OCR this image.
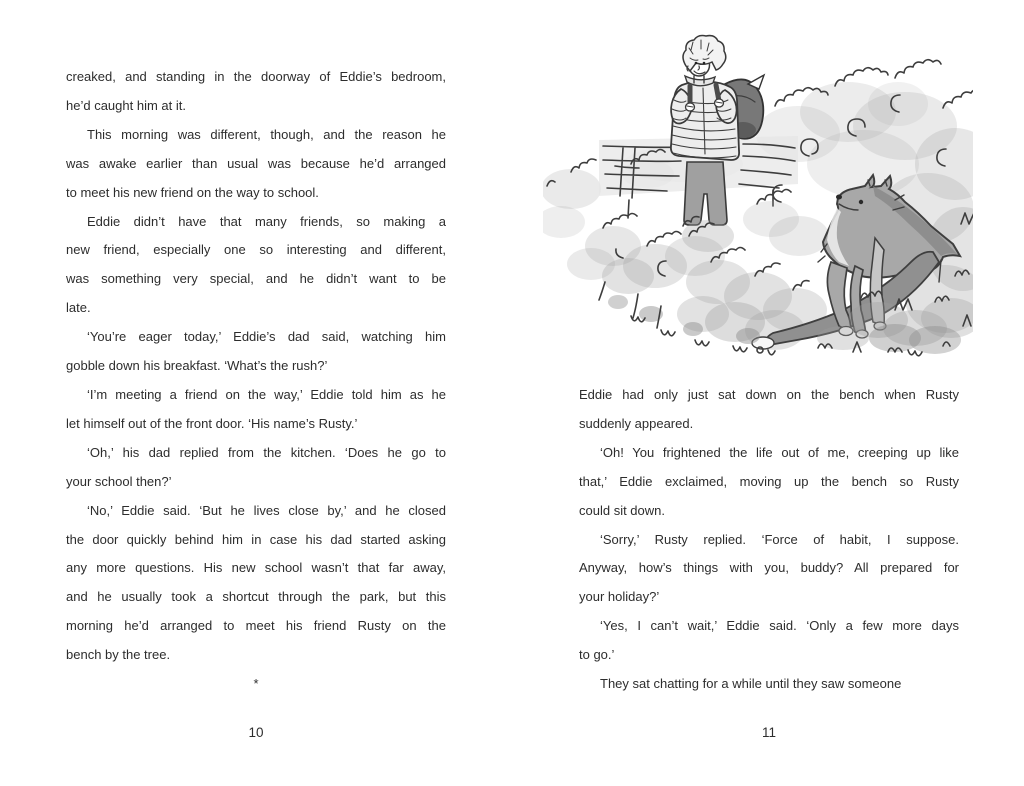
creaked, and standing in the doorway of Eddie’s bedroom,
he’d caught him at it.
This morning was different, though, and the reason he
was awake earlier than usual was because he’d arranged
to meet his new friend on the way to school.
Eddie didn’t have that many friends, so making a
new friend, especially one so interesting and different,
was something very special, and he didn’t want to be
late.
‘You’re eager today,’ Eddie’s dad said, watching him
gobble down his breakfast. ‘What’s the rush?’
‘I’m meeting a friend on the way,’ Eddie told him as he
let himself out of the front door. ‘His name’s Rusty.’
‘Oh,’ his dad replied from the kitchen. ‘Does he go to
your school then?’
‘No,’ Eddie said. ‘But he lives close by,’ and he closed
the door quickly behind him in case his dad started asking
any more questions. His new school wasn’t that far away,
and he usually took a shortcut through the park, but this
morning he’d arranged to meet his friend Rusty on the
bench by the tree.
*
10
Eddie had only just sat down on the bench when Rusty
suddenly appeared.
‘Oh! You frightened the life out of me, creeping up like
that,’ Eddie exclaimed, moving up the bench so Rusty
could sit down.
‘Sorry,’ Rusty replied. ‘Force of habit, I suppose.
Anyway, how’s things with you, buddy? All prepared for
your holiday?’
‘Yes, I can’t wait,’ Eddie said. ‘Only a few more days
to go.’
They sat chatting for a while until they saw someone
11
